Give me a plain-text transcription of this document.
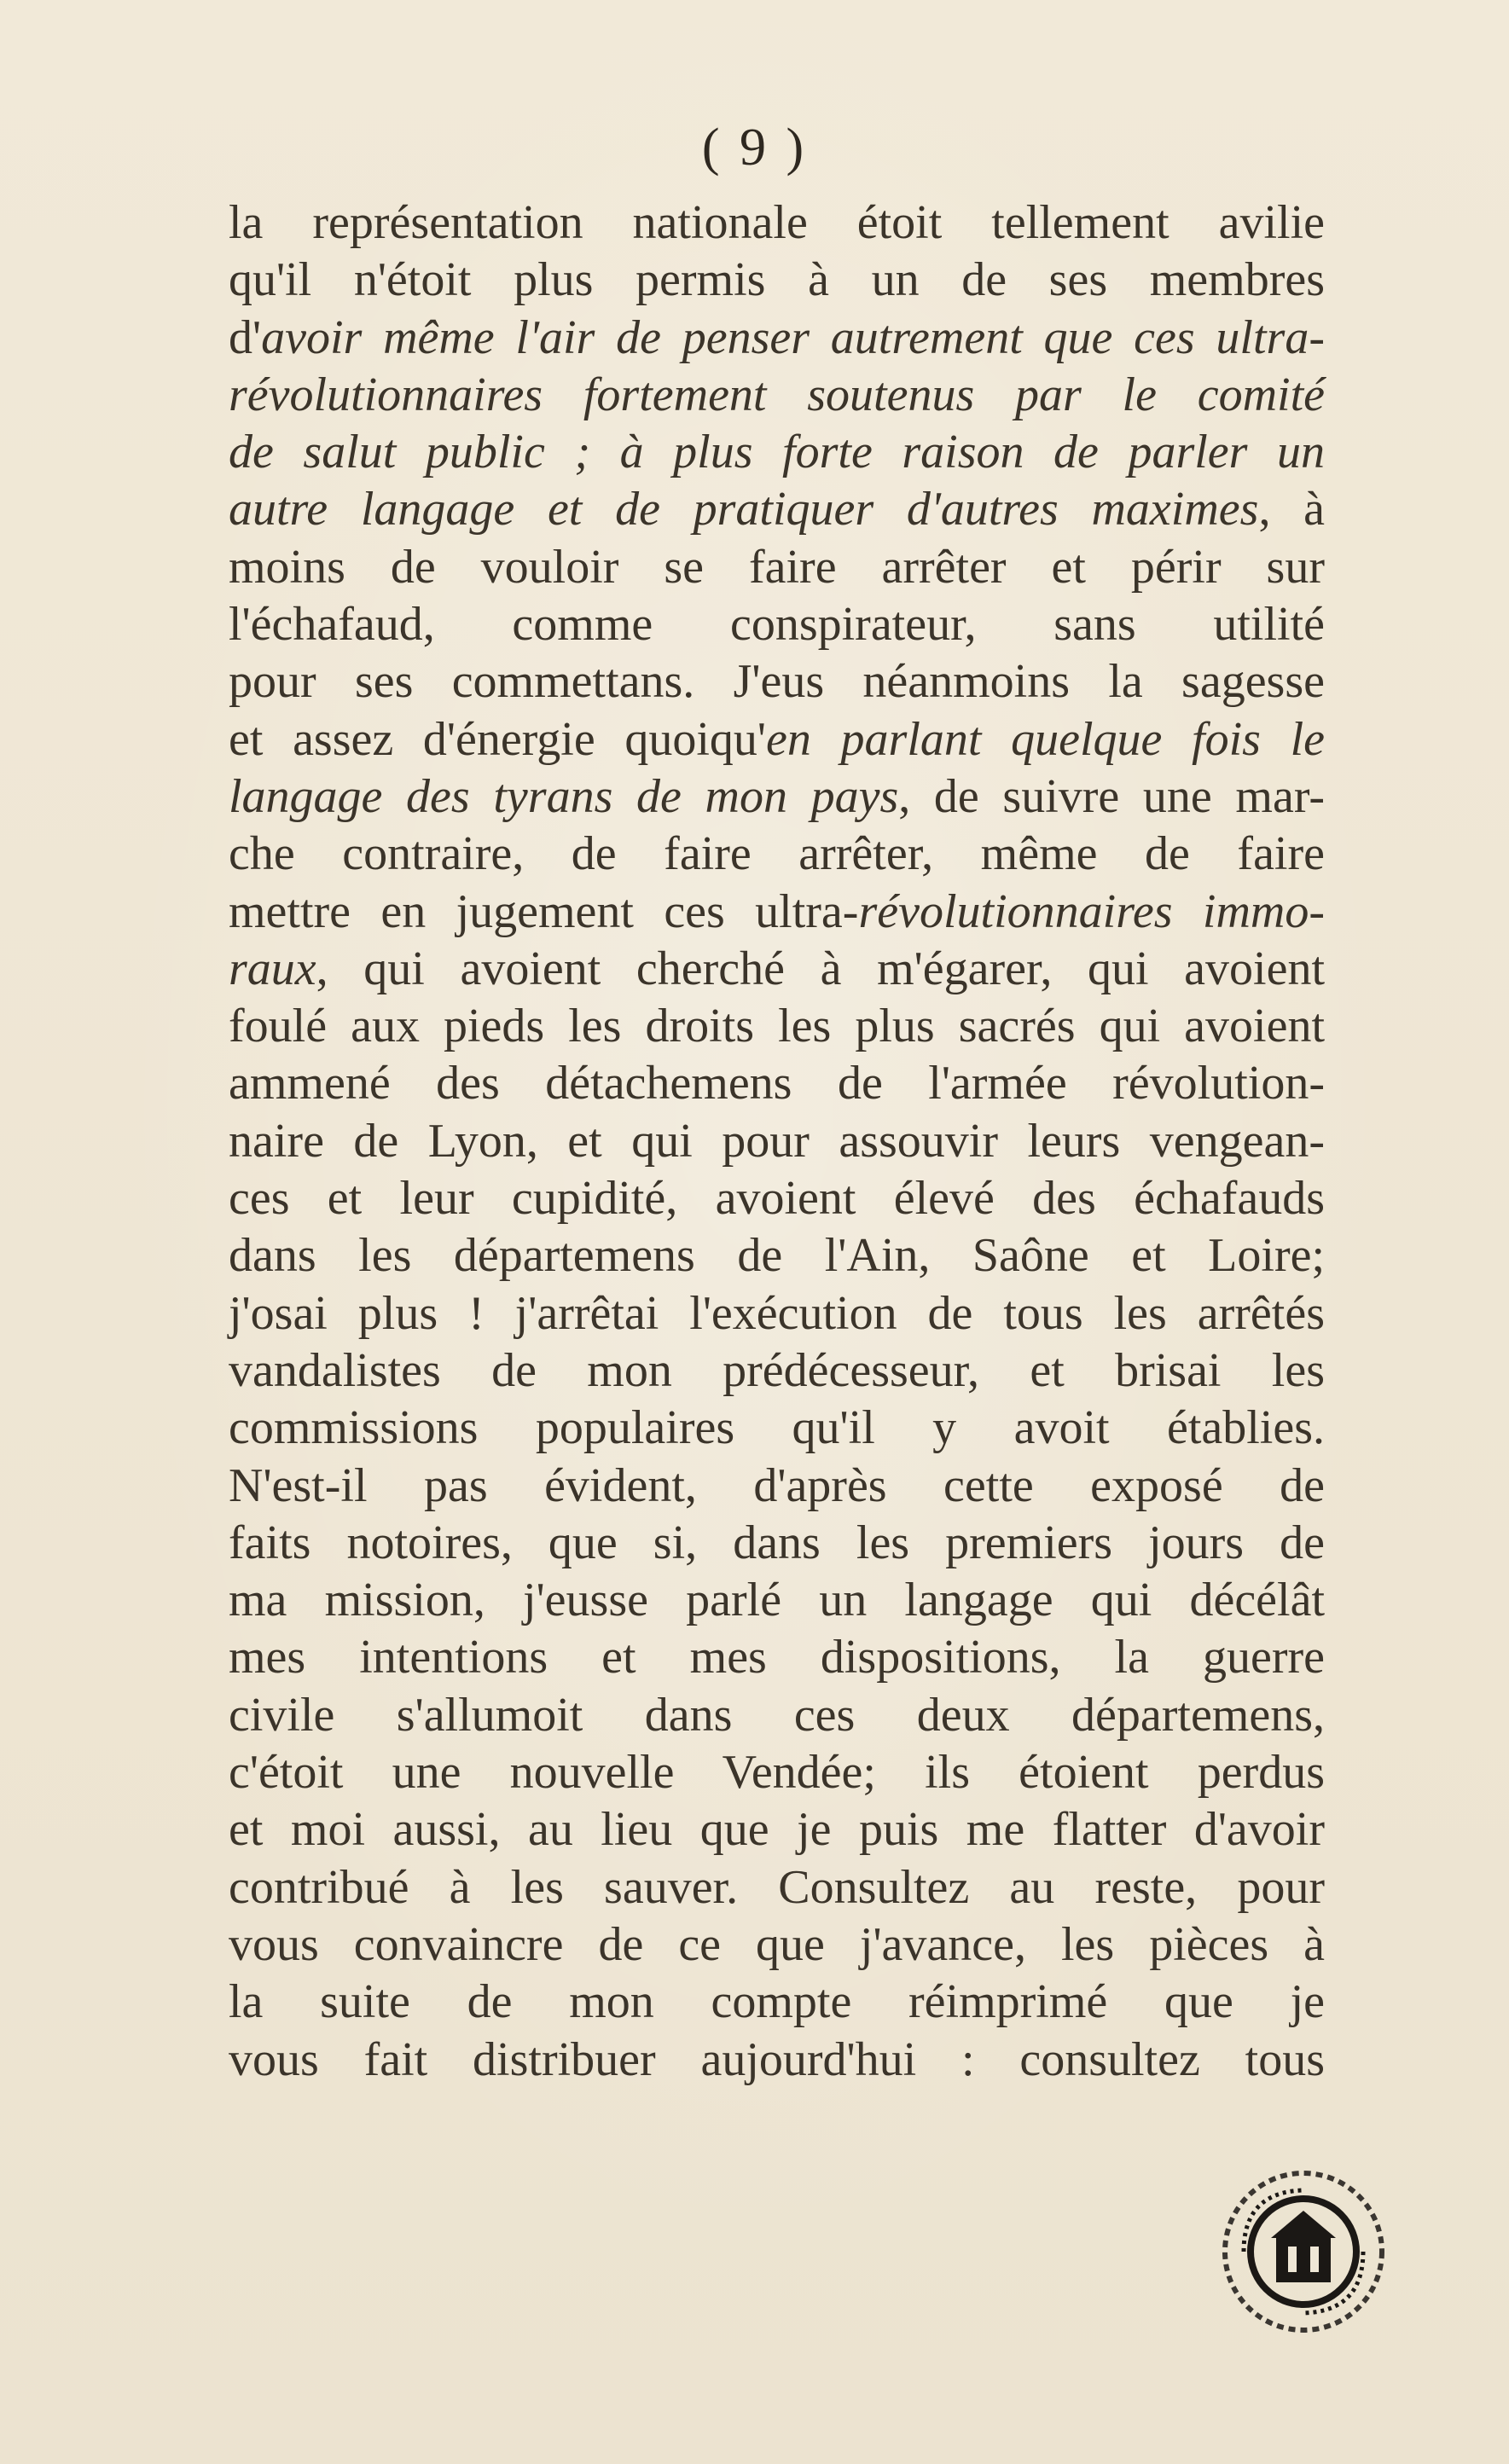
( 9 )
la représentation nationale étoit tellement avilie
qu'il n'étoit plus permis à un de ses membres
d'avoir même l'air de penser autrement que ces ultra-
révolutionnaires fortement soutenus par le comité
de salut public ; à plus forte raison de parler un
autre langage et de pratiquer d'autres maximes, à
moins de vouloir se faire arrêter et périr sur
l'échafaud, comme conspirateur, sans utilité
pour ses commettans. J'eus néanmoins la sagesse
et assez d'énergie quoiqu'en parlant quelque fois le
langage des tyrans de mon pays, de suivre une mar-
che contraire, de faire arrêter, même de faire
mettre en jugement ces ultra-révolutionnaires immo-
raux, qui avoient cherché à m'égarer, qui avoient
foulé aux pieds les droits les plus sacrés qui avoient
ammené des détachemens de l'armée révolution-
naire de Lyon, et qui pour assouvir leurs vengean-
ces et leur cupidité, avoient élevé des échafauds
dans les départemens de l'Ain, Saône et Loire;
j'osai plus ! j'arrêtai l'exécution de tous les arrêtés
vandalistes de mon prédécesseur, et brisai les
commissions populaires qu'il y avoit établies.
N'est-il pas évident, d'après cette exposé de
faits notoires, que si, dans les premiers jours de
ma mission, j'eusse parlé un langage qui décélât
mes intentions et mes dispositions, la guerre
civile s'allumoit dans ces deux départemens,
c'étoit une nouvelle Vendée; ils étoient perdus
et moi aussi, au lieu que je puis me flatter d'avoir
contribué à les sauver. Consultez au reste, pour
vous convaincre de ce que j'avance, les pièces à
la suite de mon compte réimprimé que je
vous fait distribuer aujourd'hui : consultez tous
